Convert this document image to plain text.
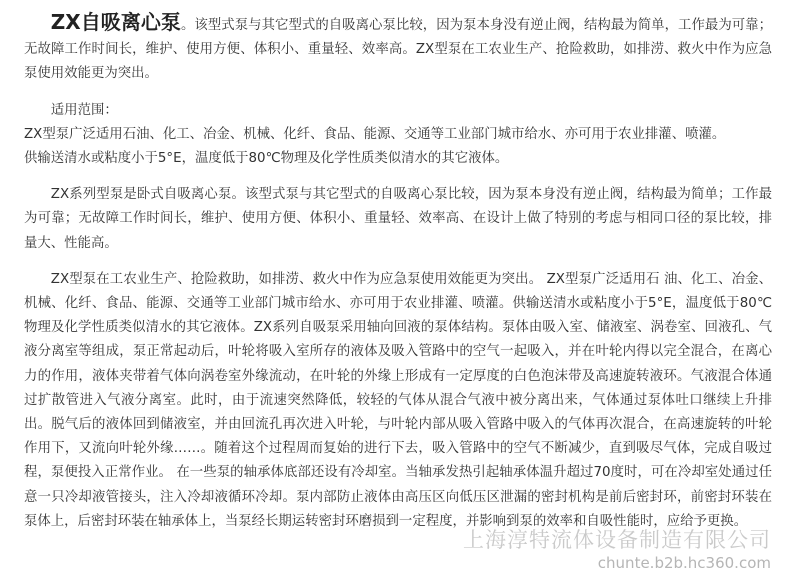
ZX自吸离心泵。该型式泵与其它型式的自吸离心泵比较，因为泵本身没有逆止阀，结构最为简单，工作最为可靠；无故障工作时间长，维护、使用方便、体积小、重量轻、效率高。ZX型泵在工农业生产、抢险救助，如排涝、救火中作为应急泵使用效能更为突出。

适用范围：

ZX型泵广泛适用石油、化工、冶金、机械、化纤、食品、能源、交通等工业部门城市给水、亦可用于农业排灌、喷灌。

供输送清水或粘度小于5°E，温度低于80℃物理及化学性质类似清水的其它液体。

ZX系列型泵是卧式自吸离心泵。该型式泵与其它型式的自吸离心泵比较，因为泵本身没有逆止阀，结构最为简单；工作最为可靠；无故障工作时间长，维护、使用方便、体积小、重量轻、效率高、在设计上做了特别的考虑与相同口径的泵比较，排量大、性能高。

ZX型泵在工农业生产、抢险救助，如排涝、救火中作为应急泵使用效能更为突出。 ZX型泵广泛适用石 油、化工、冶金、机械、化纤、食品、能源、交通等工业部门城市给水、亦可用于农业排灌、喷灌。供输送清水或粘度小于5°E，温度低于80℃物理及化学性质类似清水的其它液体。ZX系列自吸泵采用轴向回液的泵体结构。泵体由吸入室、储液室、涡卷室、回液孔、气液分离室等组成，泵正常起动后，叶轮将吸入室所存的液体及吸入管路中的空气一起吸入，并在叶轮内得以完全混合，在离心力的作用，液体夹带着气体向涡卷室外缘流动，在叶轮的外缘上形成有一定厚度的白色泡沫带及高速旋转液环。气液混合体通过扩散管进入气液分离室。此时，由于流速突然降低，较轻的气体从混合气液中被分离出来，气体通过泵体吐口继续上升排出。脱气后的液体回到储液室，并由回流孔再次进入叶轮，与叶轮内部从吸入管路中吸入的气体再次混合，在高速旋转的叶轮作用下，又流向叶轮外缘……。随着这个过程周而复始的进行下去，吸入管路中的空气不断减少，直到吸尽气体，完成自吸过程，泵便投入正常作业。 在一些泵的轴承体底部还设有冷却室。当轴承发热引起轴承体温升超过70度时，可在冷却室处通过任意一只冷却液管接头，注入冷却液循环冷却。泵内部防止液体由高压区向低压区泄漏的密封机构是前后密封环，前密封环装在泵体上，后密封环装在轴承体上，当泵经长期运转密封环磨损到一定程度，并影响到泵的效率和自吸性能时，应给予更换。

上海淳特流体设备制造有限公司
chunte.b2b.hc360.com
